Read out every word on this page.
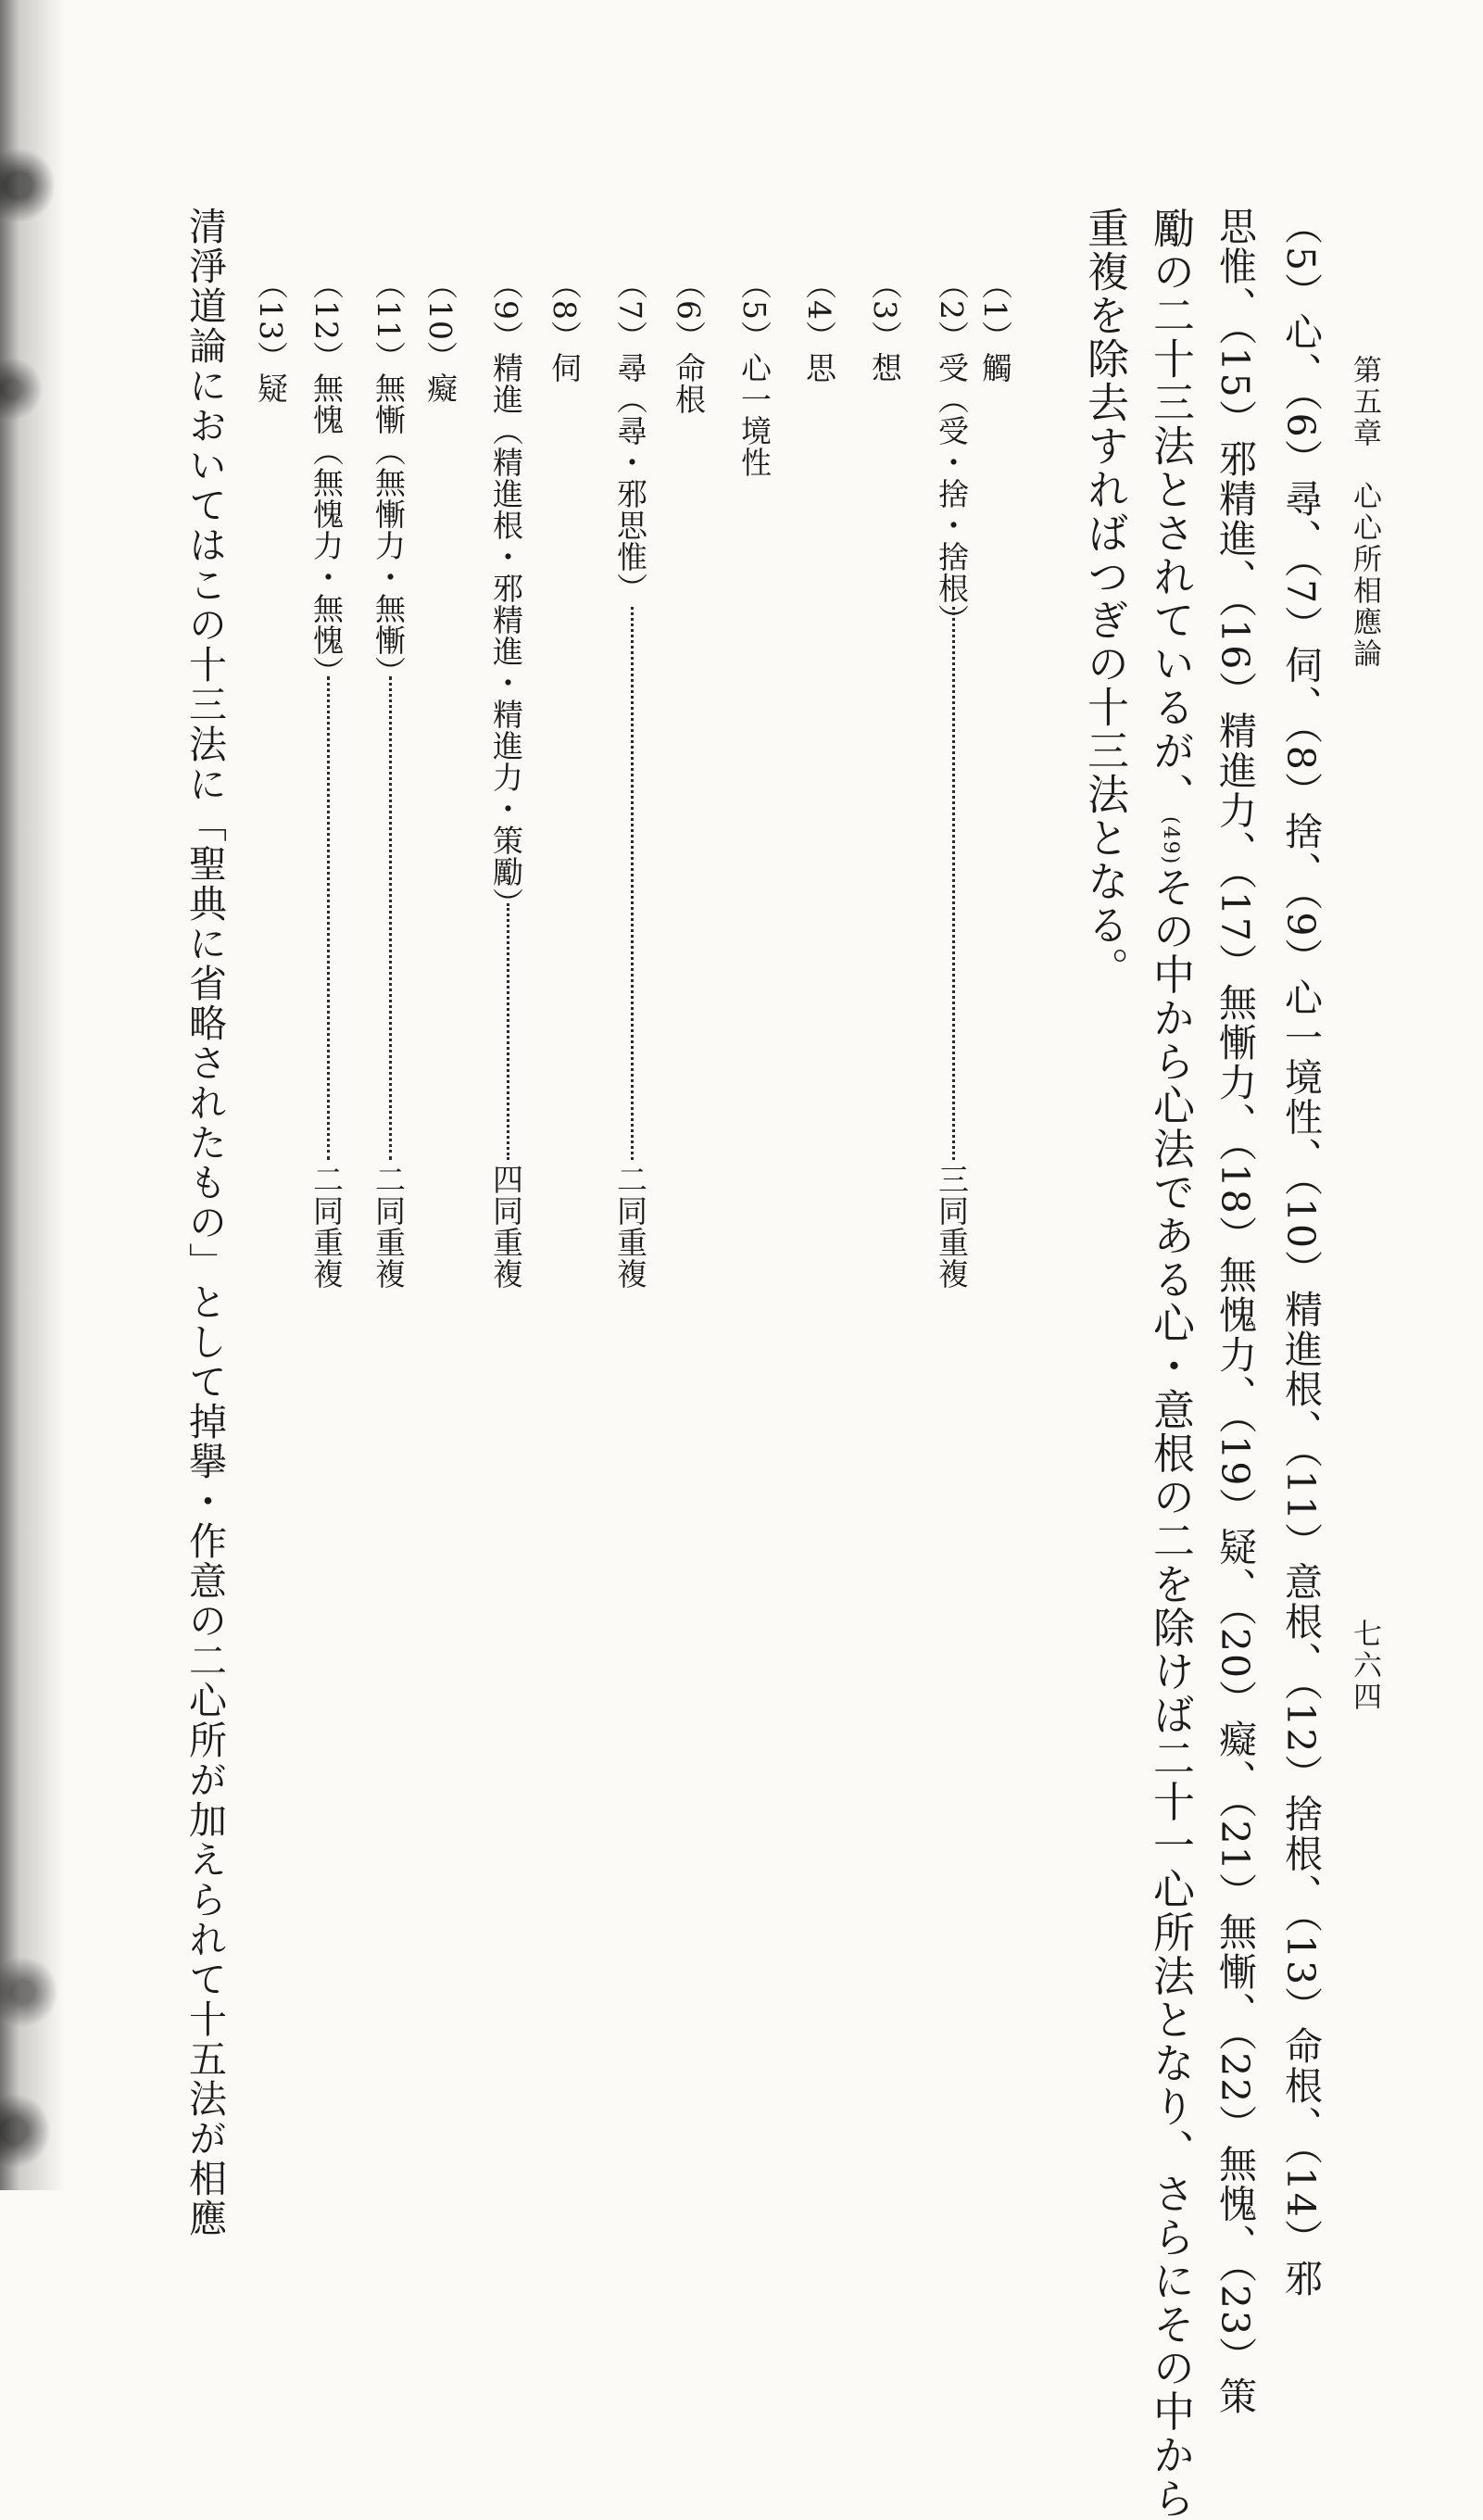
第五章　心心所相應論
七六四
（5）心、（6）尋、（7）伺、（8）捨、（9）心一境性、（10）精進根、（11）意根、（12）捨根、（13）命根、（14）邪
思惟、（15）邪精進、（16）精進力、（17）無慚力、（18）無愧力、（19）疑、（20）癡、（21）無慚、（22）無愧、（23）策
勵の二十三法とされているが、(49)その中から心法である心・意根の二を除けば二十一心所法となり、さらにその中から
重複を除去すればつぎの十三法となる。
（1）觸
（2）受（受・捨・捨根）
三同重複
（3）想
（4）思
（5）心一境性
（6）命根
（7）尋（尋・邪思惟）
二同重複
（8）伺
（9）精進（精進根・邪精進・精進力・策勵）
四同重複
（10）癡
（11）無慚（無慚力・無慚）
二同重複
（12）無愧（無愧力・無愧）
二同重複
（13）疑
清淨道論においてはこの十三法に「聖典に省略されたもの」として掉擧・作意の二心所が加えられて十五法が相應
